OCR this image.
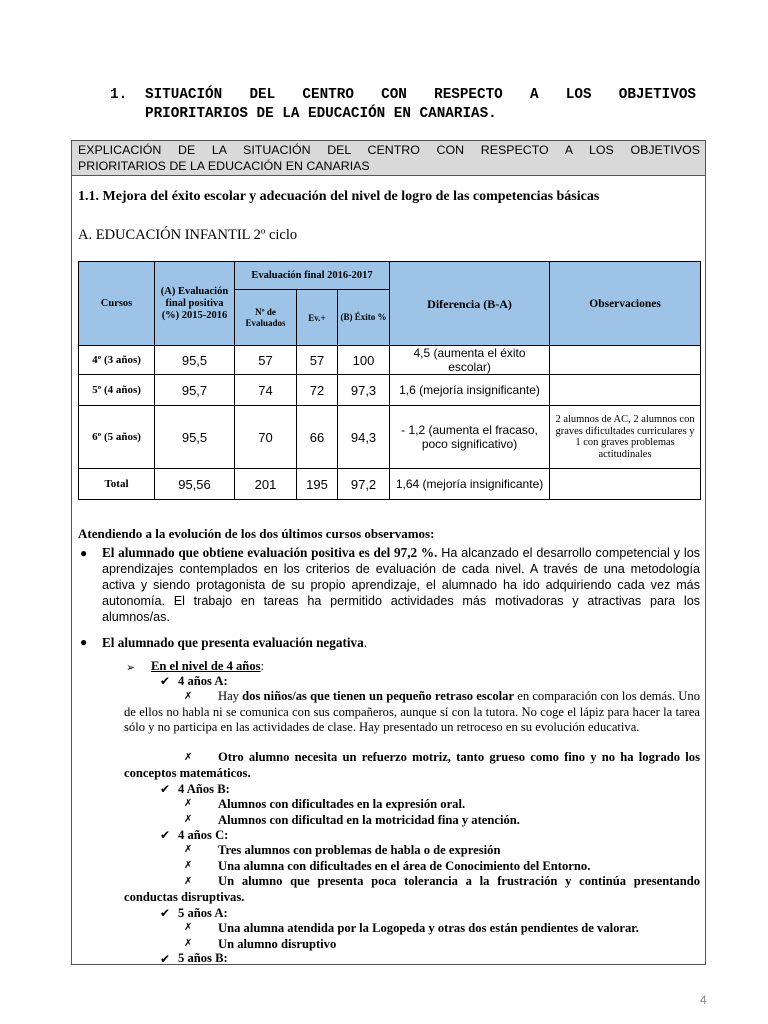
1. SITUACIÓN DEL CENTRO CON RESPECTO A LOS OBJETIVOS
PRIORITARIOS DE LA EDUCACIÓN EN CANARIAS.
EXPLICACIÓN DE LA SITUACIÓN DEL CENTRO CON RESPECTO A LOS OBJETIVOS
PRIORITARIOS DE LA EDUCACIÓN EN CANARIAS
1.1. Mejora del éxito escolar y adecuación del nivel de logro de las competencias básicas
A. EDUCACIÓN INFANTIL 2º ciclo
Cursos	(A) Evaluación final positiva (%) 2015-2016	Evaluación final 2016-2017			Diferencia (B-A)	Observaciones
		Nº de Evaluados	Ev.+	(B) Éxito %		
4º (3 años)	95,5	57	57	100	4,5 (aumenta el éxito escolar)	
5º (4 años)	95,7	74	72	97,3	1,6 (mejoría insignificante)	
6º (5 años)	95,5	70	66	94,3	- 1,2 (aumenta el fracaso, poco significativo)	2 alumnos de AC, 2 alumnos con graves dificultades curriculares y 1 con graves problemas actitudinales
Total	95,56	201	195	97,2	1,64 (mejoría insignificante)	
Atendiendo a la evolución de los dos últimos cursos observamos:
● El alumnado que obtiene evaluación positiva es del 97,2 %. Ha alcanzado el desarrollo competencial y los aprendizajes contemplados en los criterios de evaluación de cada nivel. A través de una metodología activa y siendo protagonista de su propio aprendizaje, el alumnado ha ido adquiriendo cada vez más autonomía. El trabajo en tareas ha permitido actividades más motivadoras y atractivas para los alumnos/as.
● El alumnado que presenta evaluación negativa.
➢ En el nivel de 4 años:
✔ 4 años A:
✗	Hay dos niños/as que tienen un pequeño retraso escolar en comparación con los demás. Uno de ellos no habla ni se comunica con sus compañeros, aunque sí con la tutora. No coge el lápiz para hacer la tarea sólo y no participa en las actividades de clase. Hay presentado un retroceso en su evolución educativa.
✗	Otro alumno necesita un refuerzo motriz, tanto grueso como fino y no ha logrado los conceptos matemáticos.
✔ 4 Años B:
✗ Alumnos con dificultades en la expresión oral.
✗ Alumnos con dificultad en la motricidad fina y atención.
✔ 4 años C:
✗ Tres alumnos con problemas de habla o de expresión
✗ Una alumna con dificultades en el área de Conocimiento del Entorno.
✗	Un alumno que presenta poca tolerancia a la frustración y continúa presentando conductas disruptivas.
✔ 5 años A:
✗ Una alumna atendida por la Logopeda y otras dos están pendientes de valorar.
✗ Un alumno disruptivo
✔ 5 años B:
4
